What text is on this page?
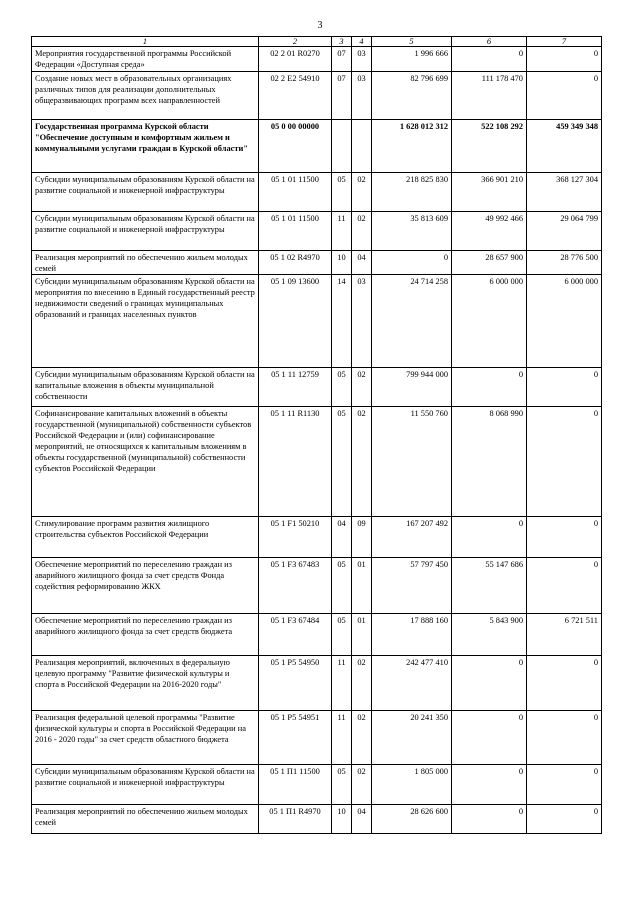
3
1	2	3	4	5	6	7
Мероприятия государственной программы Российской Федерации «Доступная среда»	02 2 01 R0270	07	03	1 996 666	0	0
Создание новых мест в образовательных организациях различных типов для реализации дополнительных общеразвивающих программ всех направленностей	02 2 E2 54910	07	03	82 796 699	111 178 470	0
Государственная программа Курской области "Обеспечение доступным и комфортным жильем и коммунальными услугами граждан в Курской области"	05 0 00 00000			1 628 012 312	522 108 292	459 349 348
Субсидии муниципальным образованиям Курской области на развитие социальной и инженерной инфраструктуры	05 1 01 11500	05	02	218 825 830	366 901 210	368 127 304
Субсидии муниципальным образованиям Курской области на развитие социальной и инженерной инфраструктуры	05 1 01 11500	11	02	35 813 609	49 992 466	29 064 799
Реализация мероприятий по обеспечению жильем молодых семей	05 1 02 R4970	10	04	0	28 657 900	28 776 500
Субсидии муниципальным образованиям Курской области на мероприятия по внесению в Единый государственный реестр недвижимости сведений о границах муниципальных образований и границах населенных пунктов	05 1 09 13600	14	03	24 714 258	6 000 000	6 000 000
Субсидии муниципальным образованиям Курской области на капитальные вложения в объекты муниципальной собственности	05 1 11 12759	05	02	799 944 000	0	0
Софинансирование капитальных вложений в объекты государственной (муниципальной) собственности субъектов Российской Федерации и (или) софинансирование мероприятий, не относящихся к капитальным вложениям в объекты государственной (муниципальной) собственности субъектов Российской Федерации	05 1 11 R1130	05	02	11 550 760	8 068 990	0
Стимулирование программ развития жилищного строительства субъектов Российской Федерации	05 1 F1 50210	04	09	167 207 492	0	0
Обеспечение мероприятий по переселению граждан из аварийного жилищного фонда за счет средств Фонда содействия реформированию ЖКХ	05 1 F3 67483	05	01	57 797 450	55 147 686	0
Обеспечение мероприятий по переселению граждан из аварийного жилищного фонда за счет средств бюджета	05 1 F3 67484	05	01	17 888 160	5 843 900	6 721 511
Реализация мероприятий, включенных в федеральную целевую программу "Развитие физической культуры и спорта в Российской Федерации на 2016-2020 годы"	05 1 P5 54950	11	02	242 477 410	0	0
Реализация федеральной целевой программы "Развитие физической культуры и спорта в Российской Федерации на 2016 - 2020 годы" за счет средств областного бюджета	05 1 P5 54951	11	02	20 241 350	0	0
Субсидии муниципальным образованиям Курской области на развитие социальной и инженерной инфраструктуры	05 1 П1 11500	05	02	1 805 000	0	0
Реализация мероприятий по обеспечению жильем молодых семей	05 1 П1 R4970	10	04	28 626 600	0	0
